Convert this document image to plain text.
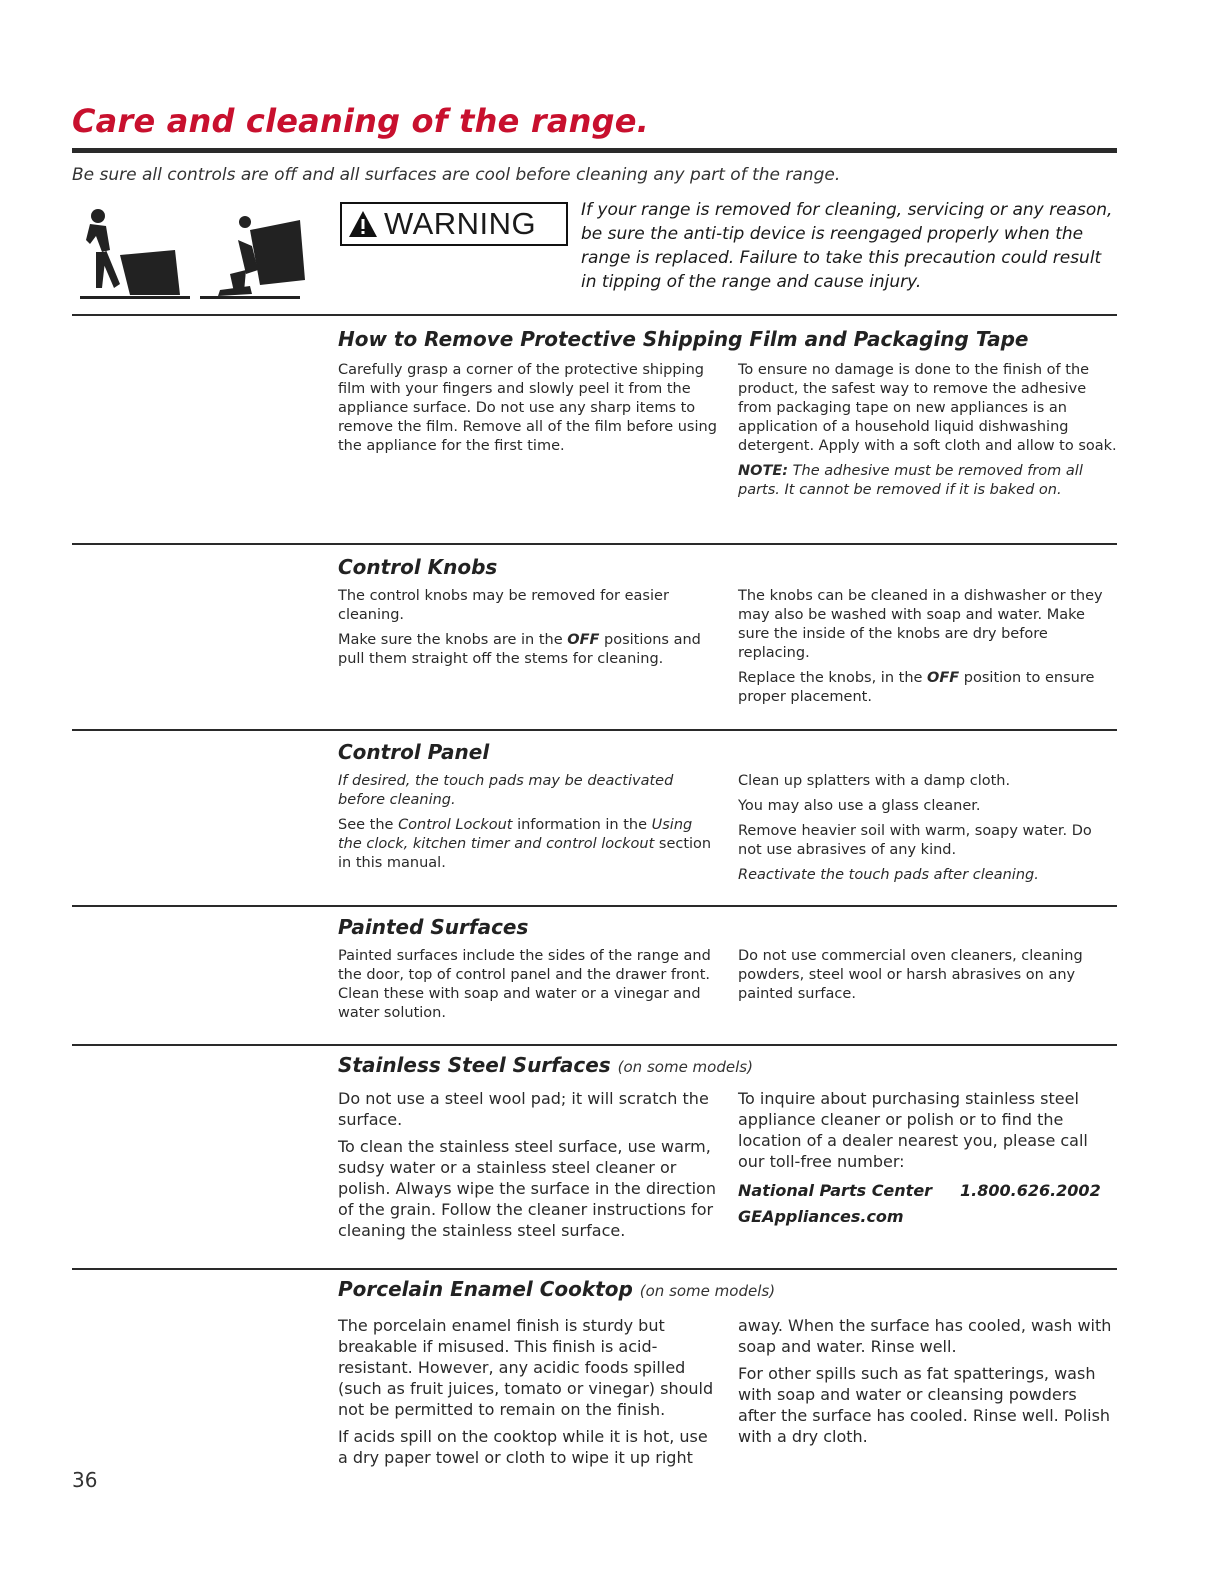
Care and cleaning of the range.
Be sure all controls are off and all surfaces are cool before cleaning any part of the range.
WARNING	If your range is removed for cleaning, servicing or any reason, be sure the anti-tip device is reengaged properly when the range is replaced. Failure to take this precaution could result in tipping of the range and cause injury.
How to Remove Protective Shipping Film and Packaging Tape

Carefully grasp a corner of the protective shipping film with your fingers and slowly peel it from the appliance surface. Do not use any sharp items to remove the film. Remove all of the film before using the appliance for the first time.

To ensure no damage is done to the finish of the product, the safest way to remove the adhesive from packaging tape on new appliances is an application of a household liquid dishwashing detergent. Apply with a soft cloth and allow to soak.

NOTE: The adhesive must be removed from all parts. It cannot be removed if it is baked on.

Control Knobs

The control knobs may be removed for easier cleaning.

Make sure the knobs are in the OFF positions and pull them straight off the stems for cleaning.

The knobs can be cleaned in a dishwasher or they may also be washed with soap and water. Make sure the inside of the knobs are dry before replacing.

Replace the knobs, in the OFF position to ensure proper placement.

Control Panel

If desired, the touch pads may be deactivated before cleaning.

See the Control Lockout information in the Using the clock, kitchen timer and control lockout section in this manual.

Clean up splatters with a damp cloth.

You may also use a glass cleaner.

Remove heavier soil with warm, soapy water. Do not use abrasives of any kind.

Reactivate the touch pads after cleaning.

Painted Surfaces

Painted surfaces include the sides of the range and the door, top of control panel and the drawer front. Clean these with soap and water or a vinegar and water solution.

Do not use commercial oven cleaners, cleaning powders, steel wool or harsh abrasives on any painted surface.

Stainless Steel Surfaces (on some models)

Do not use a steel wool pad; it will scratch the surface.

To clean the stainless steel surface, use warm, sudsy water or a stainless steel cleaner or polish. Always wipe the surface in the direction of the grain. Follow the cleaner instructions for cleaning the stainless steel surface.

To inquire about purchasing stainless steel appliance cleaner or polish or to find the location of a dealer nearest you, please call our toll-free number:

National Parts Center	1.800.626.2002
GEAppliances.com
Porcelain Enamel Cooktop (on some models)

The porcelain enamel finish is sturdy but breakable if misused. This finish is acid-resistant. However, any acidic foods spilled (such as fruit juices, tomato or vinegar) should not be permitted to remain on the finish.

If acids spill on the cooktop while it is hot, use a dry paper towel or cloth to wipe it up right

away. When the surface has cooled, wash with soap and water. Rinse well.

For other spills such as fat spatterings, wash with soap and water or cleansing powders after the surface has cooled. Rinse well. Polish with a dry cloth.

36
